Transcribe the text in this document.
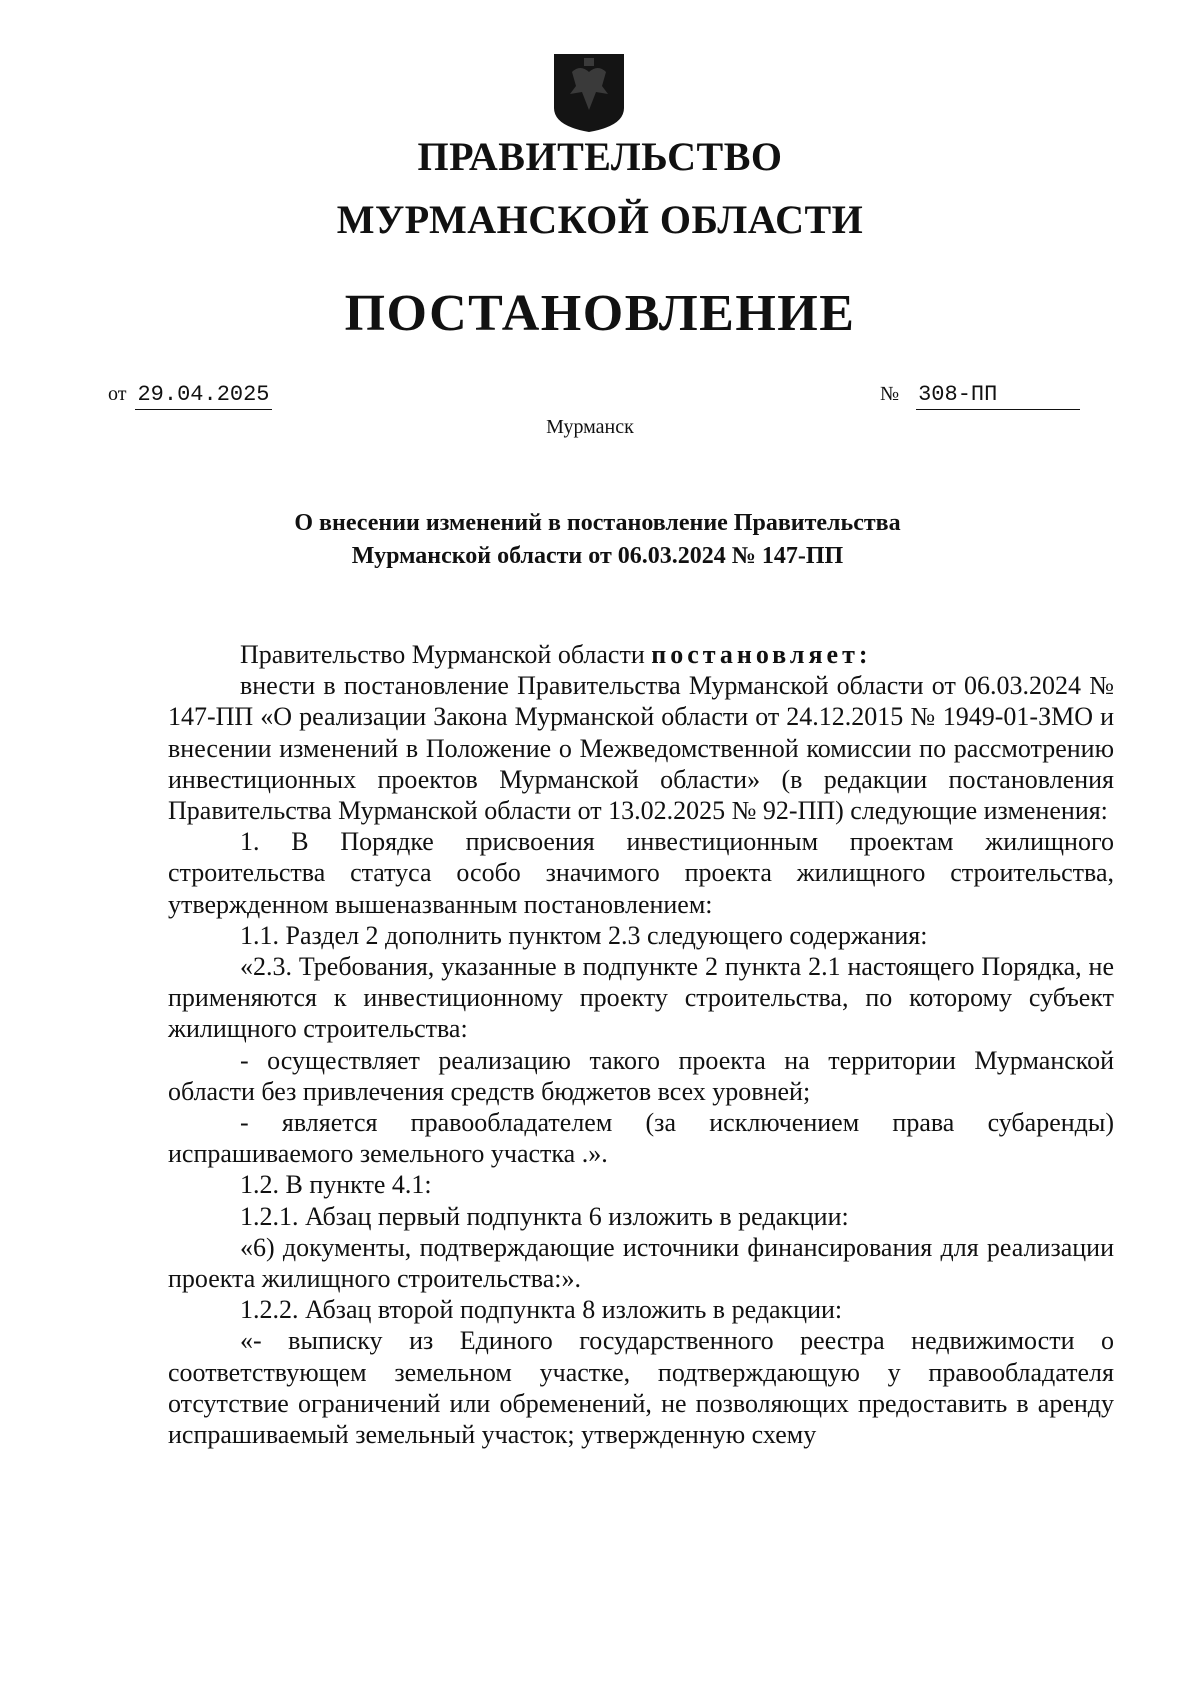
ПРАВИТЕЛЬСТВО
МУРМАНСКОЙ ОБЛАСТИ
ПОСТАНОВЛЕНИЕ
от 29.04.2025	№ 308-ПП
Мурманск
О внесении изменений в постановление Правительства
Мурманской области от 06.03.2024 № 147-ПП

Правительство Мурманской области постановляет:

внести в постановление Правительства Мурманской области от 06.03.2024 № 147-ПП «О реализации Закона Мурманской области от 24.12.2015 № 1949-01-ЗМО и внесении изменений в Положение о Межведомственной комиссии по рассмотрению инвестиционных проектов Мурманской области» (в редакции постановления Правительства Мурманской области от 13.02.2025 № 92-ПП) следующие изменения:

1. В Порядке присвоения инвестиционным проектам жилищного строительства статуса особо значимого проекта жилищного строительства, утвержденном вышеназванным постановлением:

1.1. Раздел 2 дополнить пунктом 2.3 следующего содержания:

«2.3. Требования, указанные в подпункте 2 пункта 2.1 настоящего Порядка, не применяются к инвестиционному проекту строительства, по которому субъект жилищного строительства:

- осуществляет реализацию такого проекта на территории Мурманской области без привлечения средств бюджетов всех уровней;

- является правообладателем (за исключением права субаренды) испрашиваемого земельного участка .».

1.2. В пункте 4.1:

1.2.1. Абзац первый подпункта 6 изложить в редакции:

«6) документы, подтверждающие источники финансирования для реализации проекта жилищного строительства:».

1.2.2. Абзац второй подпункта 8 изложить в редакции:

«- выписку из Единого государственного реестра недвижимости о соответствующем земельном участке, подтверждающую у правообладателя отсутствие ограничений или обременений, не позволяющих предоставить в аренду испрашиваемый земельный участок; утвержденную схему
